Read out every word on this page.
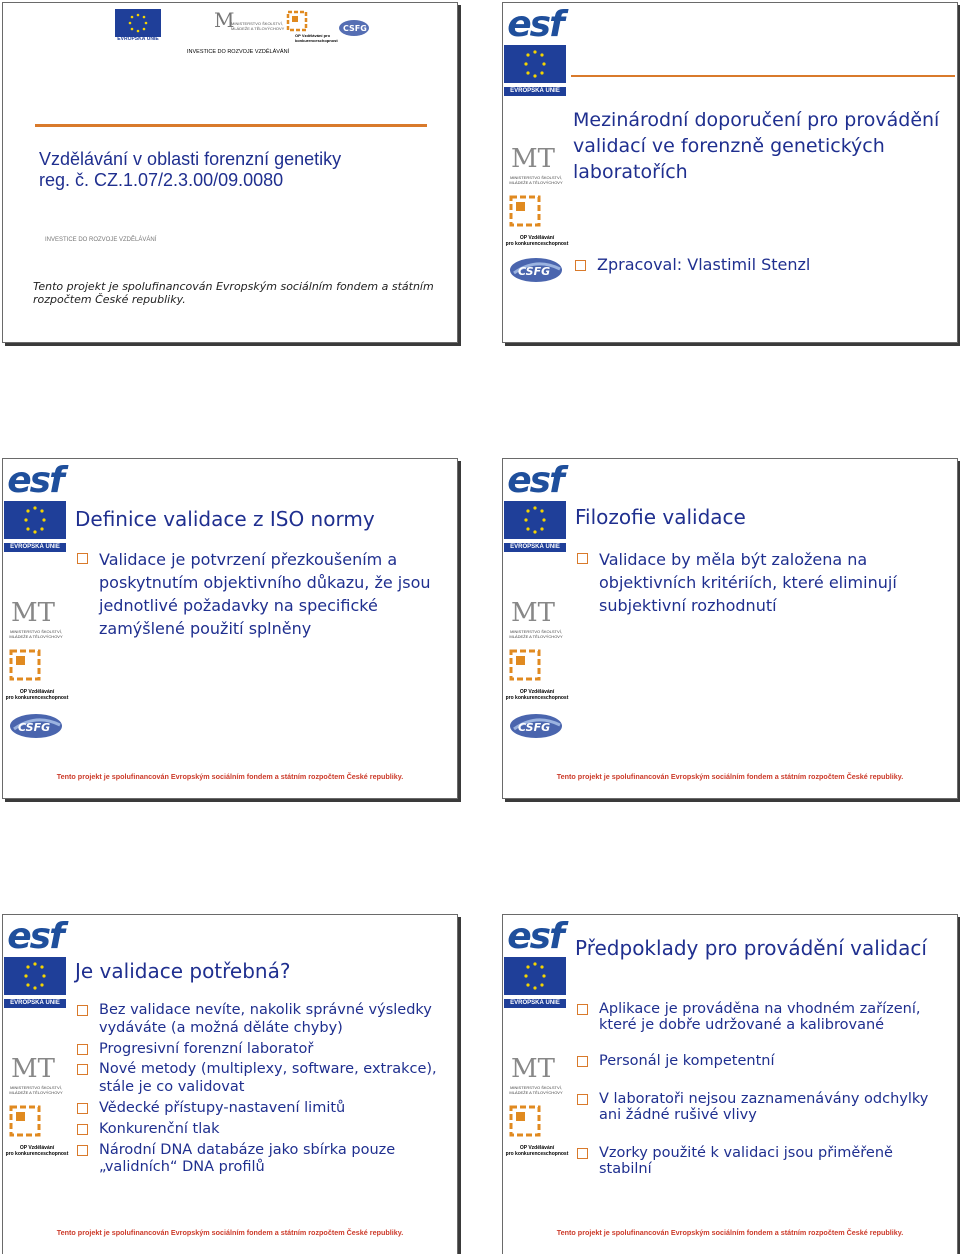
EVROPSKÁ UNIE
M
MINISTERSTVO ŠKOLSTVÍ, MLÁDEŽE A TĚLOVÝCHOVY
OP Vzdělávání pro konkurenceschopnost
CSFG
INVESTICE DO ROZVOJE VZDĚLÁVÁNÍ
Vzdělávání v oblasti forenzní genetiky
reg. č. CZ.1.07/2.3.00/09.0080
INVESTICE DO ROZVOJE VZDĚLÁVÁNÍ
Tento projekt je spolufinancován Evropským sociálním fondem a státním rozpočtem České republiky.
esf
EVROPSKÁ UNIE
MT
MINISTERSTVO ŠKOLSTVÍ, MLÁDEŽE A TĚLOVÝCHOVY
OP Vzdělávání
pro konkurenceschopnost
CSFG
Mezinárodní doporučení pro provádění validací ve forenzně genetických laboratořích
Zpracoval: Vlastimil Stenzl
esf
EVROPSKÁ UNIE
MT
MINISTERSTVO ŠKOLSTVÍ, MLÁDEŽE A TĚLOVÝCHOVY
OP Vzdělávání
pro konkurenceschopnost
CSFG
Definice validace z ISO normy
Validace je potvrzení přezkoušením a poskytnutím objektivního důkazu, že jsou jednotlivé požadavky na specifické zamýšlené použití splněny
Tento projekt je spolufinancován Evropským sociálním fondem a státním rozpočtem České republiky.
esf
EVROPSKÁ UNIE
MT
MINISTERSTVO ŠKOLSTVÍ, MLÁDEŽE A TĚLOVÝCHOVY
OP Vzdělávání
pro konkurenceschopnost
CSFG
Filozofie validace
Validace by měla být založena na objektivních kritériích, které eliminují subjektivní rozhodnutí
Tento projekt je spolufinancován Evropským sociálním fondem a státním rozpočtem České republiky.
esf
EVROPSKÁ UNIE
MT
MINISTERSTVO ŠKOLSTVÍ, MLÁDEŽE A TĚLOVÝCHOVY
OP Vzdělávání
pro konkurenceschopnost
Je validace potřebná?
Bez validace nevíte, nakolik správné výsledky vydáváte (a možná děláte chyby)
Progresivní forenzní laboratoř
Nové metody (multiplexy, software, extrakce), stále je co validovat
Vědecké přístupy-nastavení limitů
Konkurenční tlak
Národní DNA databáze jako sbírka pouze „validních“ DNA profilů
Tento projekt je spolufinancován Evropským sociálním fondem a státním rozpočtem České republiky.
esf
EVROPSKÁ UNIE
MT
MINISTERSTVO ŠKOLSTVÍ, MLÁDEŽE A TĚLOVÝCHOVY
OP Vzdělávání
pro konkurenceschopnost
Předpoklady pro provádění validací
Aplikace je prováděna na vhodném zařízení, které je dobře udržované a kalibrované
Personál je kompetentní
V laboratoři nejsou zaznamenávány odchylky ani žádné rušivé vlivy
Vzorky použité k validaci jsou přiměřeně stabilní
Tento projekt je spolufinancován Evropským sociálním fondem a státním rozpočtem České republiky.
